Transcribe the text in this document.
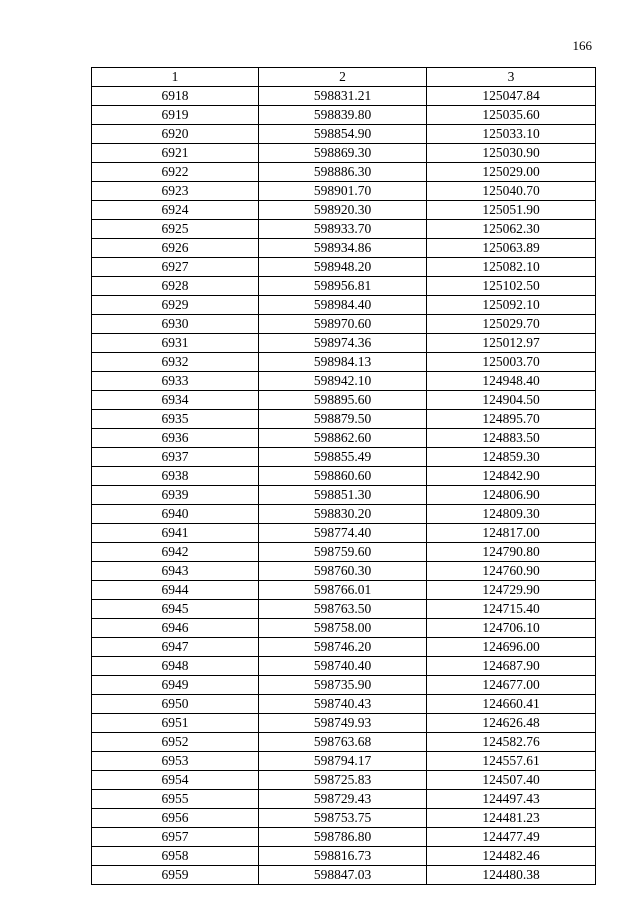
166
1	2	3
6918	598831.21	125047.84
6919	598839.80	125035.60
6920	598854.90	125033.10
6921	598869.30	125030.90
6922	598886.30	125029.00
6923	598901.70	125040.70
6924	598920.30	125051.90
6925	598933.70	125062.30
6926	598934.86	125063.89
6927	598948.20	125082.10
6928	598956.81	125102.50
6929	598984.40	125092.10
6930	598970.60	125029.70
6931	598974.36	125012.97
6932	598984.13	125003.70
6933	598942.10	124948.40
6934	598895.60	124904.50
6935	598879.50	124895.70
6936	598862.60	124883.50
6937	598855.49	124859.30
6938	598860.60	124842.90
6939	598851.30	124806.90
6940	598830.20	124809.30
6941	598774.40	124817.00
6942	598759.60	124790.80
6943	598760.30	124760.90
6944	598766.01	124729.90
6945	598763.50	124715.40
6946	598758.00	124706.10
6947	598746.20	124696.00
6948	598740.40	124687.90
6949	598735.90	124677.00
6950	598740.43	124660.41
6951	598749.93	124626.48
6952	598763.68	124582.76
6953	598794.17	124557.61
6954	598725.83	124507.40
6955	598729.43	124497.43
6956	598753.75	124481.23
6957	598786.80	124477.49
6958	598816.73	124482.46
6959	598847.03	124480.38
